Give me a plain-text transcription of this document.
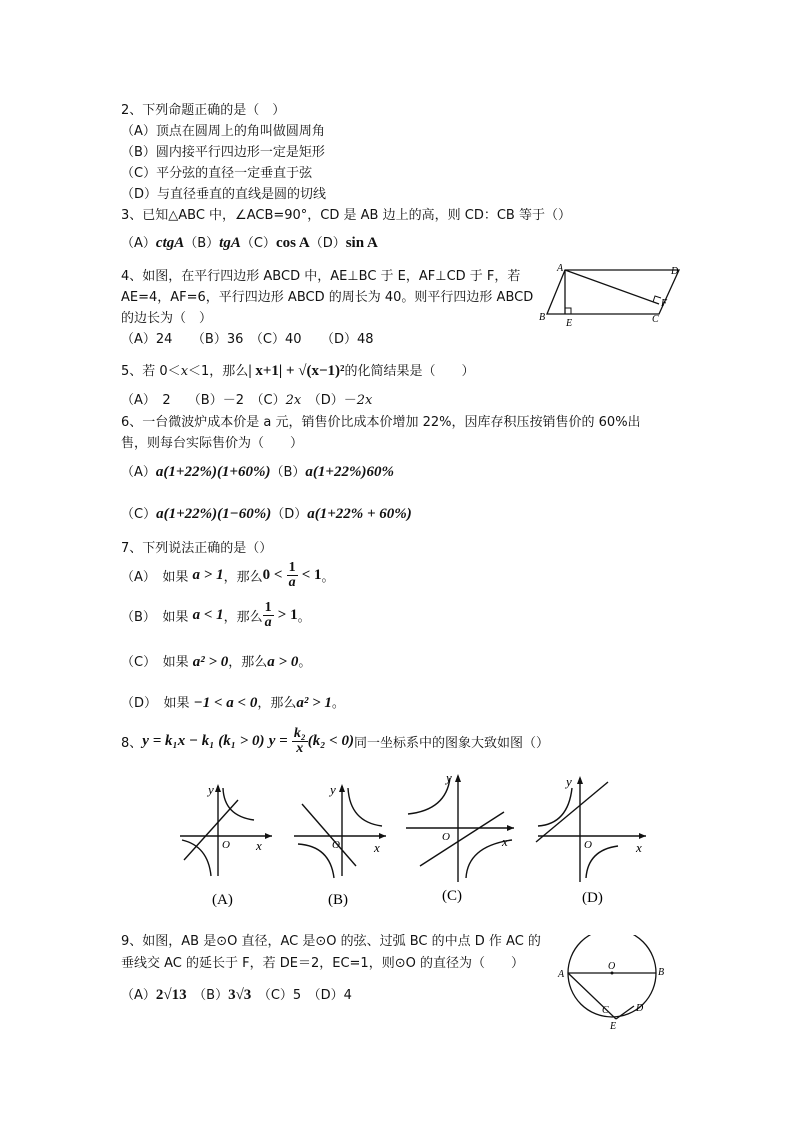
2、下列命题正确的是（　）
（A）顶点在圆周上的角叫做圆周角
（B）圆内接平行四边形一定是矩形
（C）平分弦的直径一定垂直于弦
（D）与直径垂直的直线是圆的切线
3、已知△ABC 中，∠ACB=90°，CD 是 AB 边上的高，则 CD：CB 等于（）
（A）ctgA（B）tgA（C）cos A（D）sin A
4、如图，在平行四边形 ABCD 中，AE⊥BC 于 E，AF⊥CD 于 F，若
AE=4，AF=6，平行四边形 ABCD 的周长为 40。则平行四边形 ABCD
的边长为（　）
（A）24　　（B）36　（C）40　　（D）48
A	D
F
B
E	C
5、若 0＜x＜1，那么| x+1| + √(x−1)²的化简结果是（　　）
（A）　2　 （B）－2　（C）2x　（D）－2x
6、一台微波炉成本价是 a 元，销售价比成本价增加 22%，因库存积压按销售价的 60%出
售，则每台实际售价为（　　）
（A）a(1+22%)(1+60%)（B）a(1+22%)60%
（C）a(1+22%)(1−60%)（D）a(1+22% + 60%)
7、下列说法正确的是（）
（A）　如果
a > 1 ，那么 0 <
$\frac{1}{a}$
< 1 。
（B）　如果
a < 1 ，那么 $\frac{1}{a}$
> 1 。
（C）　如果 a² > 0，那么a > 0。
（D）　如果 −1 < a < 0，那么a² > 1。
8、 y = k₁x − k₁ (k₁ > 0)
y =
$\frac{\text{k₂}}{x} (k_2 < 0)$ 同一坐标系中的图象大致如图（）
y
x
O
(A)
y
x
O
(B)
y
x
O
(C)
y
x
O
(D)
9、如图，AB 是⊙O 直径，AC 是⊙O 的弦、过弧 BC 的中点 D 作 AC 的
垂线交 AC 的延长于 F，若 DE＝2，EC=1，则⊙O 的直径为（　　）
（A）2√13　 （B）3√3　 （C）5　（D）4
A
O
B
C	D
E
